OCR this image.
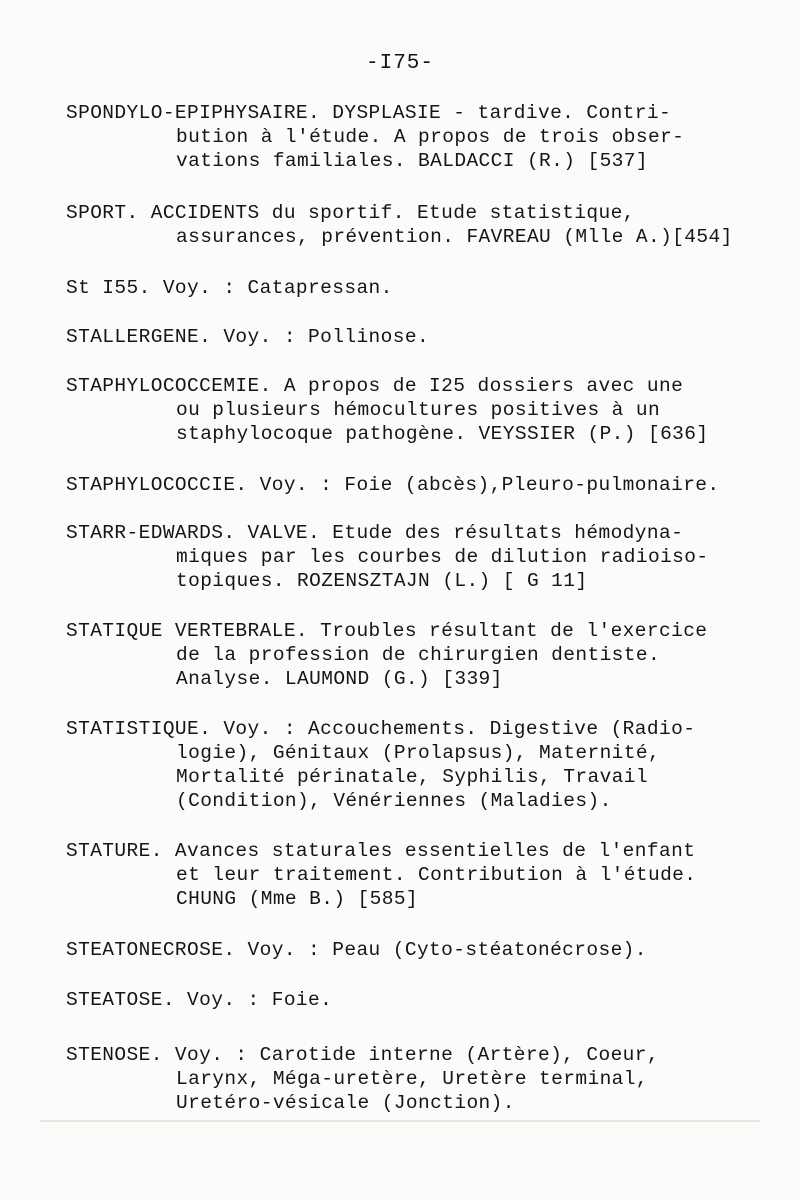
-I75-
SPONDYLO-EPIPHYSAIRE. DYSPLASIE - tardive. Contri-
bution à l'étude. A propos de trois obser-
vations familiales. BALDACCI (R.) [537]
SPORT. ACCIDENTS du sportif. Etude statistique,
assurances, prévention. FAVREAU (Mlle A.)[454]
St I55. Voy. : Catapressan.
STALLERGENE. Voy. : Pollinose.
STAPHYLOCOCCEMIE. A propos de I25 dossiers avec une
ou plusieurs hémocultures positives à un
staphylocoque pathogène. VEYSSIER (P.) [636]
STAPHYLOCOCCIE. Voy. : Foie (abcès),Pleuro-pulmonaire.
STARR-EDWARDS. VALVE. Etude des résultats hémodyna-
miques par les courbes de dilution radioiso-
topiques. ROZENSZTAJN (L.) [ G 11]
STATIQUE VERTEBRALE. Troubles résultant de l'exercice
de la profession de chirurgien dentiste.
Analyse. LAUMOND (G.) [339]
STATISTIQUE. Voy. : Accouchements. Digestive (Radio-
logie), Génitaux (Prolapsus), Maternité,
Mortalité périnatale, Syphilis, Travail
(Condition), Vénériennes (Maladies).
STATURE. Avances staturales essentielles de l'enfant
et leur traitement. Contribution à l'étude.
CHUNG (Mme B.) [585]
STEATONECROSE. Voy. : Peau (Cyto-stéatonécrose).
STEATOSE. Voy. : Foie.
STENOSE. Voy. : Carotide interne (Artère), Coeur,
Larynx, Méga-uretère, Uretère terminal,
Uretéro-vésicale (Jonction).
